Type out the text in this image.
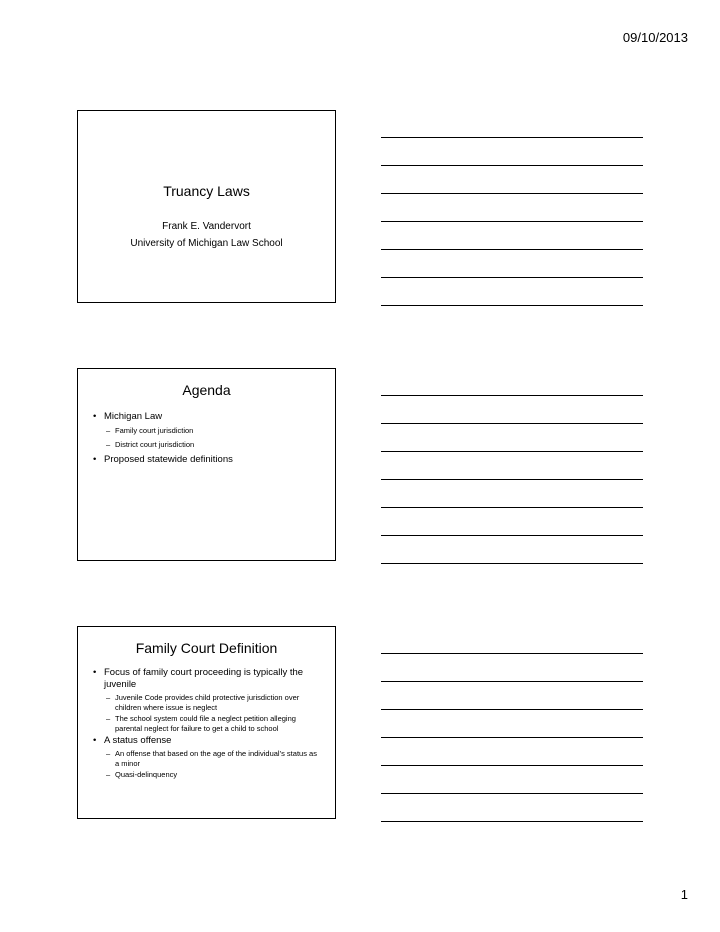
09/10/2013
Truancy Laws
Frank E. Vandervort
University of Michigan Law School
Agenda
• Michigan Law
– Family court jurisdiction
– District court jurisdiction
• Proposed statewide definitions
Family Court Definition
• Focus of family court proceeding is typically the juvenile
– Juvenile Code provides child protective jurisdiction over children where issue is neglect
– The school system could file a neglect petition alleging parental neglect for failure to get a child to school
• A status offense
– An offense that based on the age of the individual’s status as a minor
– Quasi-delinquency
1
